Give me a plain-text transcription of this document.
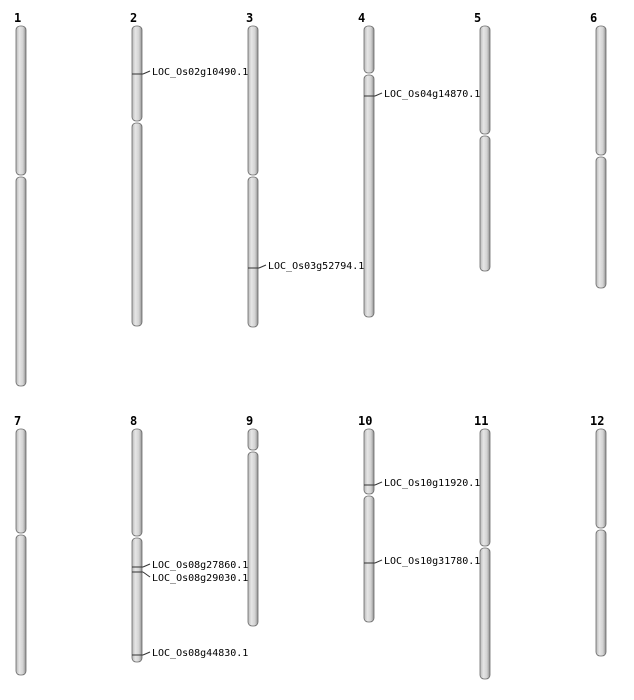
1	2	3	4	5	6
7	8	9	10	11	12
LOC_Os02g10490.1
LOC_Os03g52794.1
LOC_Os04g14870.1
LOC_Os08g27860.1
LOC_Os08g29030.1
LOC_Os08g44830.1
LOC_Os10g11920.1
LOC_Os10g31780.1
